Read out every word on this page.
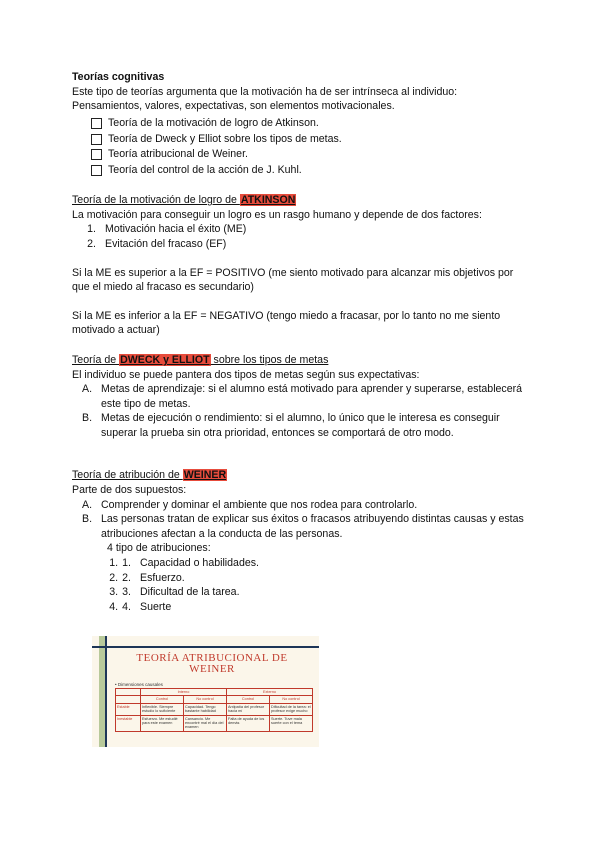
Teorías cognitivas

Este tipo de teorías argumenta que la motivación ha de ser intrínseca al individuo:

Pensamientos, valores, expectativas, son elementos motivacionales.

Teoría de la motivación de logro de Atkinson.
Teoría de Dweck y Elliot sobre los tipos de metas.
Teoría atribucional de Weiner.
Teoría del control de la acción de J. Kuhl.

Teoría de la motivación de logro de ATKINSON

La motivación para conseguir un logro es un rasgo humano y depende de dos factores:

1. Motivación hacia el éxito (ME)
2. Evitación del fracaso (EF)

Si la ME es superior a la EF = POSITIVO (me siento motivado para alcanzar mis objetivos por que el miedo al fracaso es secundario)

Si la ME es inferior a la EF = NEGATIVO (tengo miedo a fracasar, por lo tanto no me siento motivado a actuar)

Teoría de DWECK y ELLIOT sobre los tipos de metas

El individuo se puede pantera dos tipos de metas según sus expectativas:

A. Metas de aprendizaje: si el alumno está motivado para aprender y superarse, establecerá este tipo de metas.
B. Metas de ejecución o rendimiento: si el alumno, lo único que le interesa es conseguir superar la prueba sin otra prioridad, entonces se comportará de otro modo.

Teoría de atribución de WEINER

Parte de dos supuestos:

A. Comprender y dominar el ambiente que nos rodea para controlarlo.
B. Las personas tratan de explicar sus éxitos o fracasos atribuyendo distintas causas y estas atribuciones afectan a la conducta de las personas.

4 tipo de atribuciones:

1. 1. Capacidad o habilidades.
2. 2. Esfuerzo.
3. 3. Dificultad de la tarea.
4. 4. Suerte
TEORÍA ATRIBUCIONAL DE
WEINER
• Dimensiones causales
	Interno		Externo	
	Control	No control	Control	No control
Estable	Inflexible. Siempre estudio lo suficiente	Capacidad. Tengo bastante habilidad	Antipatía del profesor hacia mí	Dificultad de la tarea: el profesor exige mucho
Inestable	Esfuerzo. Me estudié para este examen	Cansancio. Me encontré mal el día del examen	Falta de ayuda de los demás	Suerte. Tuve mala suerte con el tema
